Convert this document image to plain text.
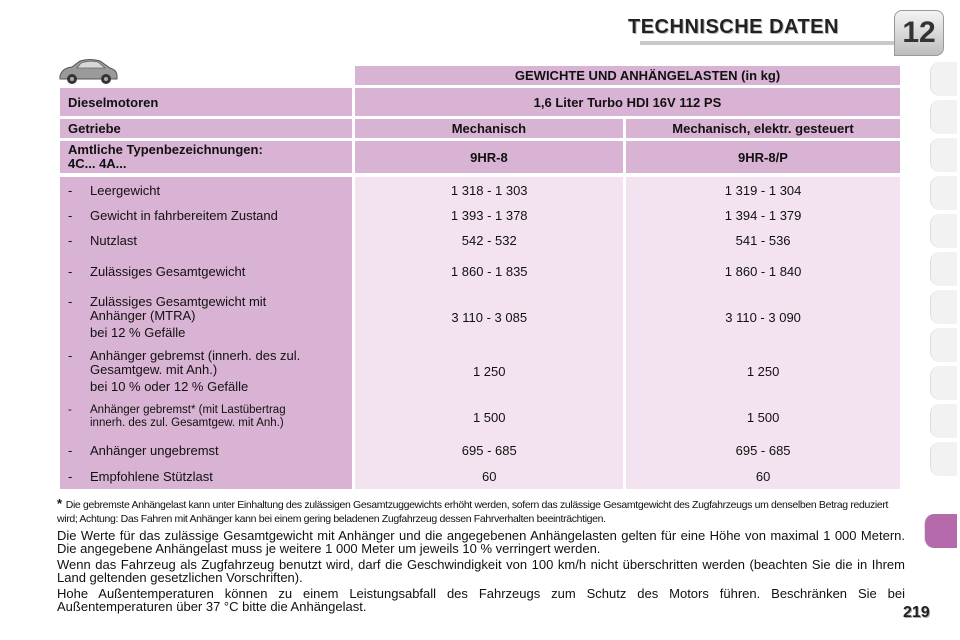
TECHNISCHE DATEN 12
	GEWICHTE UND ANHÄNGELASTEN (in kg)	
Dieselmotoren	1,6 Liter Turbo HDI 16V 112 PS	
Getriebe	Mechanisch	Mechanisch, elektr. gesteuert
Amtliche Typenbezeichnungen:
4C... 4A...	9HR-8	9HR-8/P
- Leergewicht	1 318 - 1 303	1 319 - 1 304
- Gewicht in fahrbereitem Zustand	1 393 - 1 378	1 394 - 1 379
- Nutzlast	542 - 532	541 - 536
- Zulässiges Gesamtgewicht	1 860 - 1 835	1 860 - 1 840
- Zulässiges Gesamtgewicht mit
Anhänger (MTRA)
bei 12 % Gefälle	3 110 - 3 085	3 110 - 3 090
- Anhänger gebremst (innerh. des zul.
Gesamtgew. mit Anh.)
bei 10 % oder 12 % Gefälle	1 250	1 250
- Anhänger gebremst* (mit Lastübertrag
innerh. des zul. Gesamtgew. mit Anh.)	1 500	1 500
- Anhänger ungebremst	695 - 685	695 - 685
- Empfohlene Stützlast	60	60
* Die gebremste Anhängelast kann unter Einhaltung des zulässigen Gesamtzuggewichts erhöht werden, sofern das zulässige Gesamtgewicht des Zugfahrzeugs um denselben Betrag reduziert wird; Achtung: Das Fahren mit Anhänger kann bei einem gering beladenen Zugfahrzeug dessen Fahrverhalten beeinträchtigen.
Die Werte für das zulässige Gesamtgewicht mit Anhänger und die angegebenen Anhängelasten gelten für eine Höhe von maximal 1 000 Metern. Die angegebene Anhängelast muss je weitere 1 000 Meter um jeweils 10 % verringert werden.
Wenn das Fahrzeug als Zugfahrzeug benutzt wird, darf die Geschwindigkeit von 100 km/h nicht überschritten werden (beachten Sie die in Ihrem Land geltenden gesetzlichen Vorschriften).
Hohe Außentemperaturen können zu einem Leistungsabfall des Fahrzeugs zum Schutz des Motors führen. Beschränken Sie bei Außentemperaturen über 37 °C bitte die Anhängelast.	219
